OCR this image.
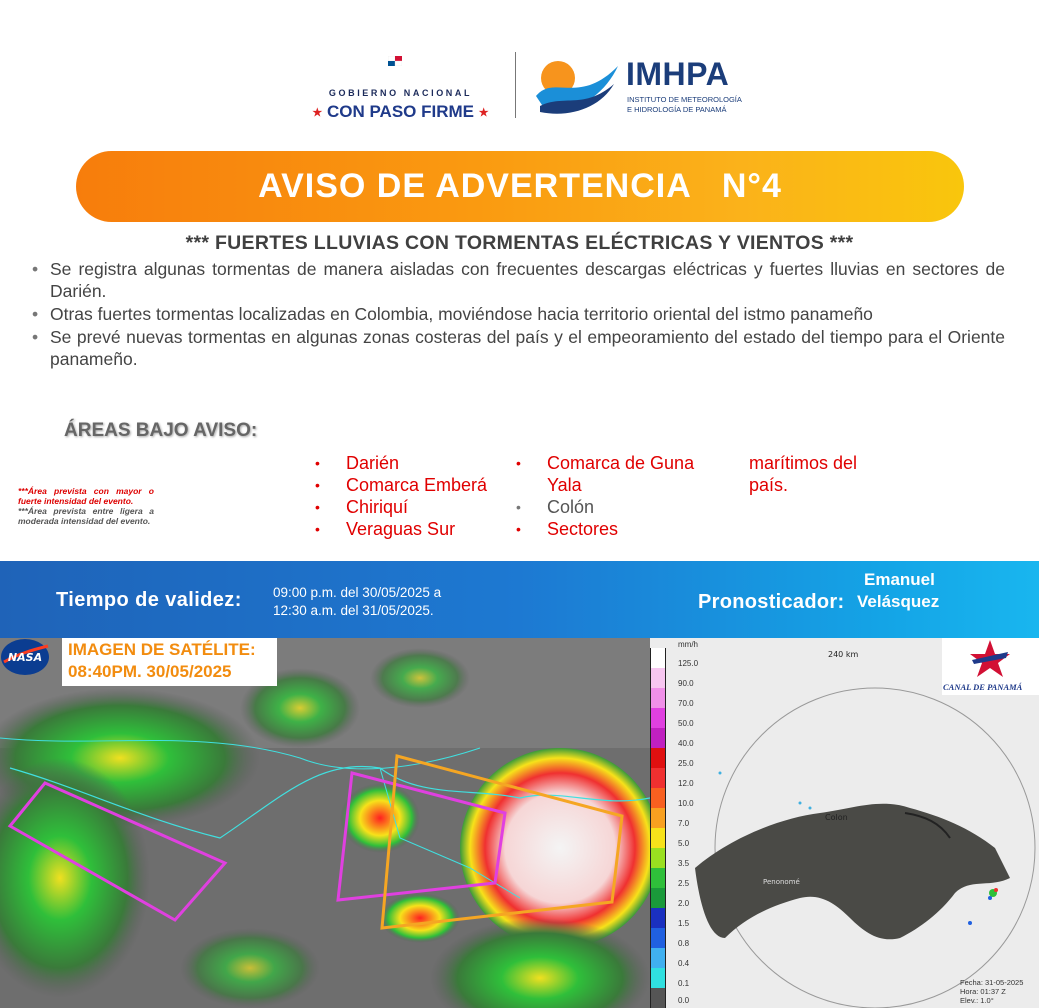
GOBIERNO NACIONAL
★ CON PASO FIRME ★
IMHPA
INSTITUTO DE METEOROLOGÍA
E HIDROLOGÍA DE PANAMÁ
AVISO DE ADVERTENCIA   N°4
*** FUERTES LLUVIAS CON TORMENTAS ELÉCTRICAS Y VIENTOS ***
• Se registra algunas tormentas de manera aisladas con frecuentes descargas eléctricas y fuertes lluvias en sectores de Darién.
• Otras fuertes tormentas localizadas en Colombia, moviéndose hacia territorio oriental del istmo panameño
• Se prevé nuevas tormentas en algunas zonas costeras del país y el empeoramiento del estado del tiempo para el Oriente panameño.
ÁREAS BAJO AVISO:
***Área prevista con mayor o fuerte intensidad del evento.
***Área prevista entre ligera a moderada intensidad del evento.
• Darién
• Comarca Emberá
• Chiriquí
• Veraguas Sur
• Comarca de Guna
Yala
• Colón
• Sectores
marítimos del
país.
Tiempo de validez: 09:00 p.m. del 30/05/2025 a
12:30 a.m. del 31/05/2025.	Pronosticador:
Emanuel
Velásquez
NASA IMAGEN DE SATÉLITE:
08:40PM. 30/05/2025
Colon
Penonomé
240 km
mm/h
125.0
90.0
70.0
50.0
40.0
25.0
12.0
10.0
7.0
5.0
3.5
2.5
2.0
1.5
0.8
0.4
0.1
0.0
CANAL DE PANAMÁ
Fecha: 31-05-2025
Hora: 01:37 Z
Elev.: 1.0°
